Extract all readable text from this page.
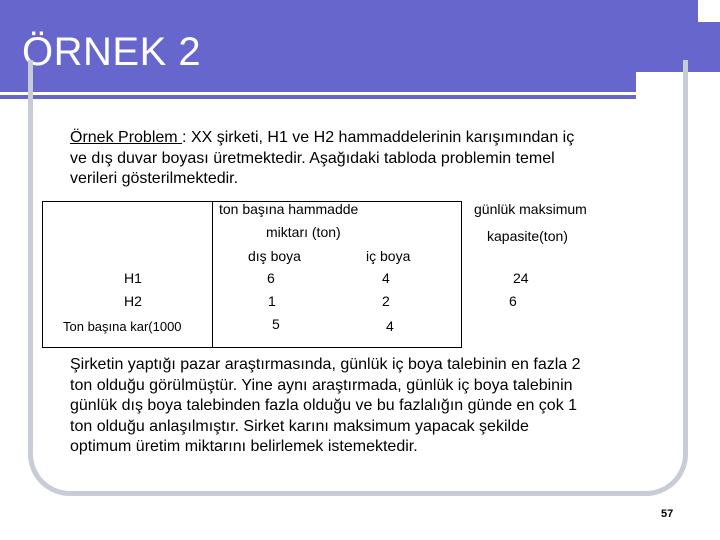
ÖRNEK 2
Örnek Problem : XX şirketi, H1 ve H2 hammaddelerinin karışımından iç
ve dış duvar boyası üretmektedir. Aşağıdaki tabloda problemin temel
verileri gösterilmektedir.
ton başına hammadde
miktarı (ton)
günlük maksimum
kapasite(ton)
dış boya	iç boya
H1	6	4	24
H2	1	2	6
Ton başına kar(1000	5	4
Şirketin yaptığı pazar araştırmasında, günlük iç boya talebinin en fazla 2
ton olduğu görülmüştür. Yine aynı araştırmada, günlük iç boya talebinin
günlük dış boya talebinden fazla olduğu ve bu fazlalığın günde en çok 1
ton olduğu anlaşılmıştır. Sirket karını maksimum yapacak şekilde
optimum üretim miktarını belirlemek istemektedir.
57
